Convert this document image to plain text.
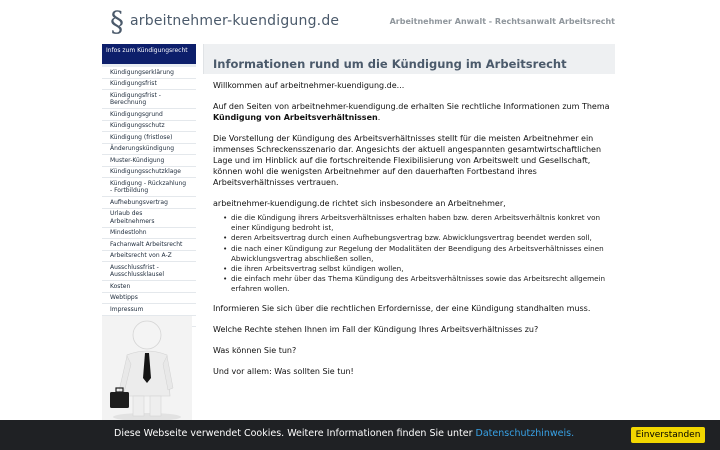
§ arbeitnehmer-kuendigung.de	Arbeitnehmer Anwalt - Rechtsanwalt Arbeitsrecht
Infos zum Kündigungsrecht
Kündigungserklärung
Kündigungsfrist
Kündigungsfrist - Berechnung
Kündigungsgrund
Kündigungsschutz
Kündigung (fristlose)
Änderungskündigung
Muster-Kündigung
Kündigungsschutzklage
Kündigung - Rückzahlung - Fortbildung
Aufhebungsvertrag
Urlaub des Arbeitnehmers
Mindestlohn
Fachanwalt Arbeitsrecht
Arbeitsrecht von A-Z
Ausschlussfrist - Ausschlussklausel
Kosten
Webtipps
Impressum
Informationen rund um die Kündigung im Arbeitsrecht

Willkommen auf arbeitnehmer-kuendigung.de...

Auf den Seiten von arbeitnehmer-kuendigung.de erhalten Sie rechtliche Informationen zum Thema
Kündigung von Arbeitsverhältnissen.

Die Vorstellung der Kündigung des Arbeitsverhältnisses stellt für die meisten Arbeitnehmer ein immenses Schreckensszenario dar. Angesichts der aktuell angespannten gesamtwirtschaftlichen Lage und im Hinblick auf die fortschreitende Flexibilisierung von Arbeitswelt und Gesellschaft, können wohl die wenigsten Arbeitnehmer auf den dauerhaften Fortbestand ihres Arbeitsverhältnisses vertrauen.

arbeitnehmer-kuendigung.de richtet sich insbesondere an Arbeitnehmer,

• die die Kündigung ihrers Arbeitsverhältnisses erhalten haben bzw. deren Arbeitsverhältnis konkret von einer Kündigung bedroht ist,
• deren Arbeitsvertrag durch einen Aufhebungsvertrag bzw. Abwicklungsvertrag beendet werden soll,
• die nach einer Kündigung zur Regelung der Modalitäten der Beendigung des Arbeitsverhältnisses einen Abwicklungsvertrag abschließen sollen,
• die ihren Arbeitsvertrag selbst kündigen wollen,
• die einfach mehr über das Thema Kündigung des Arbeitsverhältnisses sowie das Arbeitsrecht allgemein erfahren wollen.

Informieren Sie sich über die rechtlichen Erfordernisse, der eine Kündigung standhalten muss.

Welche Rechte stehen Ihnen im Fall der Kündigung Ihres Arbeitsverhältnisses zu?

Was können Sie tun?

Und vor allem: Was sollten Sie tun!

Diese Webseite verwendet Cookies. Weitere Informationen finden Sie unter Datenschutzhinweis.	Einverstanden
